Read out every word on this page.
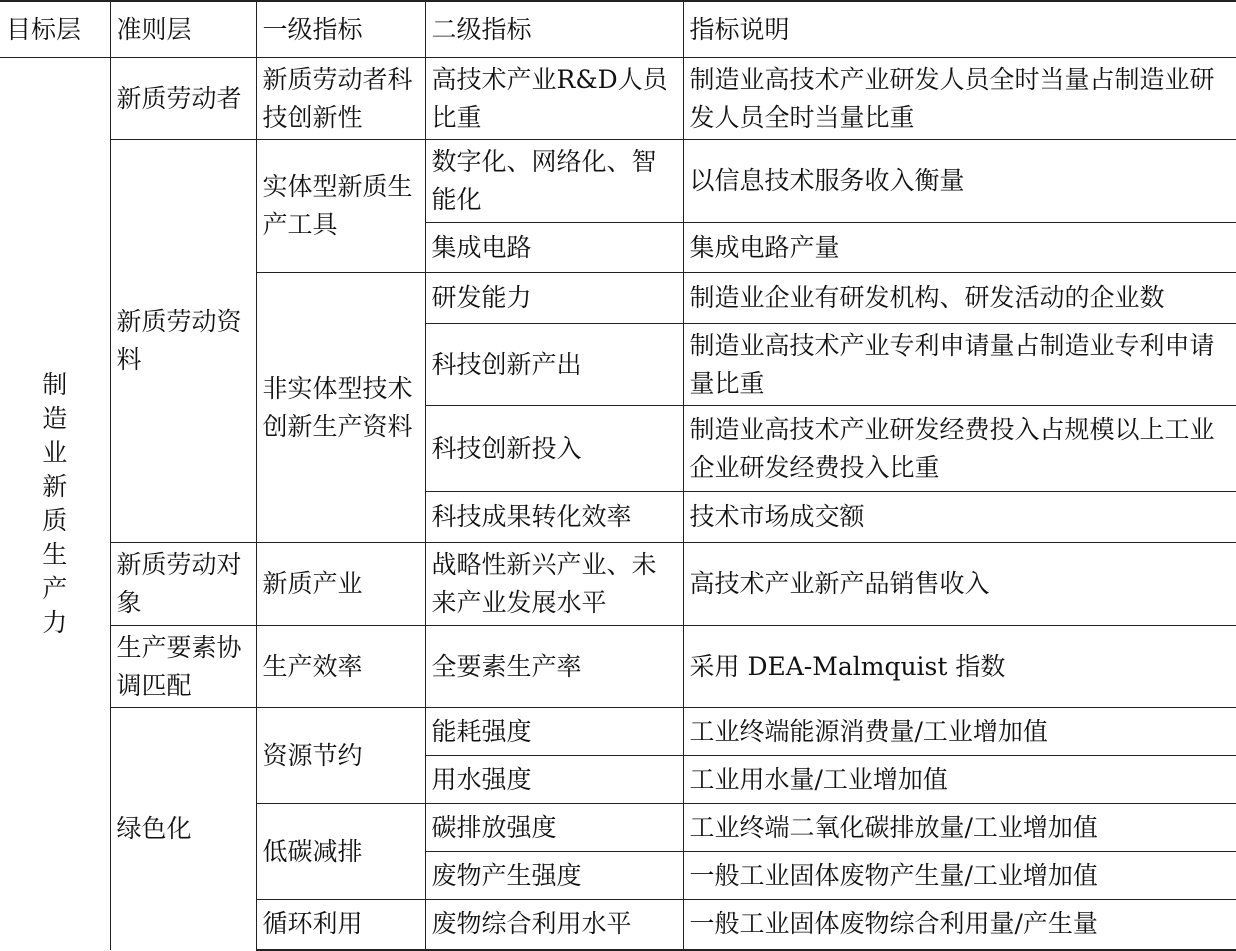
目标层	准则层	一级指标	二级指标	指标说明

制造业新质生产力	新质劳动者	新质劳动者科技创新性	高技术产业R&D人员比重	制造业高技术产业研发人员全时当量占制造业研发人员全时当量比重
	新质劳动资料	实体型新质生产工具	数字化、网络化、智能化	以信息技术服务收入衡量
			集成电路	集成电路产量
		非实体型技术创新生产资料	研发能力	制造业企业有研发机构、研发活动的企业数
			科技创新产出	制造业高技术产业专利申请量占制造业专利申请量比重
			科技创新投入	制造业高技术产业研发经费投入占规模以上工业企业研发经费投入比重
			科技成果转化效率	技术市场成交额
	新质劳动对象	新质产业	战略性新兴产业、未来产业发展水平	高技术产业新产品销售收入
	生产要素协调匹配	生产效率	全要素生产率	采用 DEA-Malmquist 指数
	绿色化	资源节约	能耗强度	工业终端能源消费量/工业增加值
			用水强度	工业用水量/工业增加值
		低碳减排	碳排放强度	工业终端二氧化碳排放量/工业增加值
			废物产生强度	一般工业固体废物产生量/工业增加值
		循环利用	废物综合利用水平	一般工业固体废物综合利用量/产生量
